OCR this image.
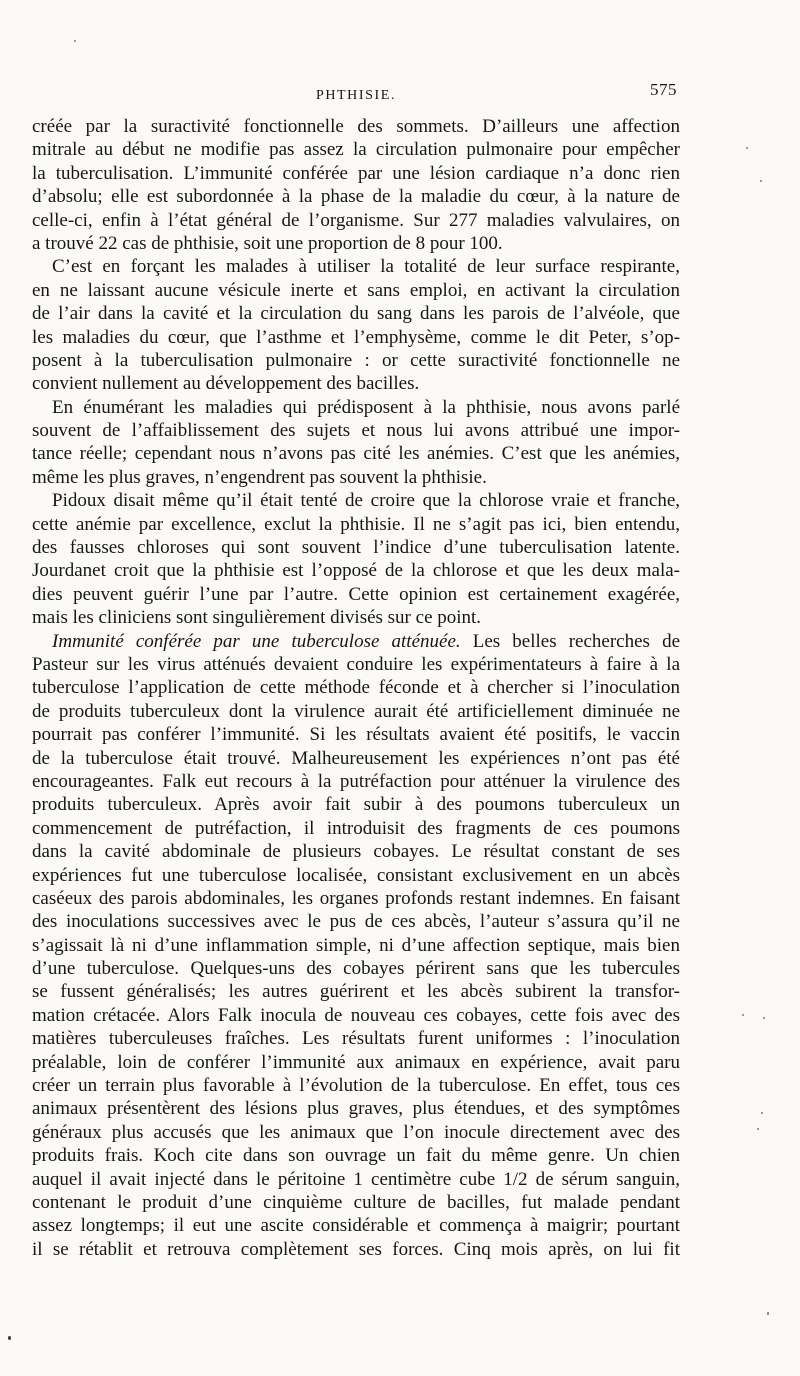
PHTHISIE.	575
créée par la suractivité fonctionnelle des sommets. D’ailleurs une affection
mitrale au début ne modifie pas assez la circulation pulmonaire pour empêcher
la tuberculisation. L’immunité conférée par une lésion cardiaque n’a donc rien
d’absolu; elle est subordonnée à la phase de la maladie du cœur, à la nature de
celle-ci, enfin à l’état général de l’organisme. Sur 277 maladies valvulaires, on
a trouvé 22 cas de phthisie, soit une proportion de 8 pour 100.
C’est en forçant les malades à utiliser la totalité de leur surface respirante,
en ne laissant aucune vésicule inerte et sans emploi, en activant la circulation
de l’air dans la cavité et la circulation du sang dans les parois de l’alvéole, que
les maladies du cœur, que l’asthme et l’emphysème, comme le dit Peter, s’op-
posent à la tuberculisation pulmonaire : or cette suractivité fonctionnelle ne
convient nullement au développement des bacilles.
En énumérant les maladies qui prédisposent à la phthisie, nous avons parlé
souvent de l’affaiblissement des sujets et nous lui avons attribué une impor-
tance réelle; cependant nous n’avons pas cité les anémies. C’est que les anémies,
même les plus graves, n’engendrent pas souvent la phthisie.
Pidoux disait même qu’il était tenté de croire que la chlorose vraie et franche,
cette anémie par excellence, exclut la phthisie. Il ne s’agit pas ici, bien entendu,
des fausses chloroses qui sont souvent l’indice d’une tuberculisation latente.
Jourdanet croit que la phthisie est l’opposé de la chlorose et que les deux mala-
dies peuvent guérir l’une par l’autre. Cette opinion est certainement exagérée,
mais les cliniciens sont singulièrement divisés sur ce point.
Immunité conférée par une tuberculose atténuée. Les belles recherches de
Pasteur sur les virus atténués devaient conduire les expérimentateurs à faire à la
tuberculose l’application de cette méthode féconde et à chercher si l’inoculation
de produits tuberculeux dont la virulence aurait été artificiellement diminuée ne
pourrait pas conférer l’immunité. Si les résultats avaient été positifs, le vaccin
de la tuberculose était trouvé. Malheureusement les expériences n’ont pas été
encourageantes. Falk eut recours à la putréfaction pour atténuer la virulence des
produits tuberculeux. Après avoir fait subir à des poumons tuberculeux un
commencement de putréfaction, il introduisit des fragments de ces poumons
dans la cavité abdominale de plusieurs cobayes. Le résultat constant de ses
expériences fut une tuberculose localisée, consistant exclusivement en un abcès
caséeux des parois abdominales, les organes profonds restant indemnes. En faisant
des inoculations successives avec le pus de ces abcès, l’auteur s’assura qu’il ne
s’agissait là ni d’une inflammation simple, ni d’une affection septique, mais bien
d’une tuberculose. Quelques-uns des cobayes périrent sans que les tubercules
se fussent généralisés; les autres guérirent et les abcès subirent la transfor-
mation crétacée. Alors Falk inocula de nouveau ces cobayes, cette fois avec des
matières tuberculeuses fraîches. Les résultats furent uniformes : l’inoculation
préalable, loin de conférer l’immunité aux animaux en expérience, avait paru
créer un terrain plus favorable à l’évolution de la tuberculose. En effet, tous ces
animaux présentèrent des lésions plus graves, plus étendues, et des symptômes
généraux plus accusés que les animaux que l’on inocule directement avec des
produits frais. Koch cite dans son ouvrage un fait du même genre. Un chien
auquel il avait injecté dans le péritoine 1 centimètre cube 1/2 de sérum sanguin,
contenant le produit d’une cinquième culture de bacilles, fut malade pendant
assez longtemps; il eut une ascite considérable et commença à maigrir; pourtant
il se rétablit et retrouva complètement ses forces. Cinq mois après, on lui fit
